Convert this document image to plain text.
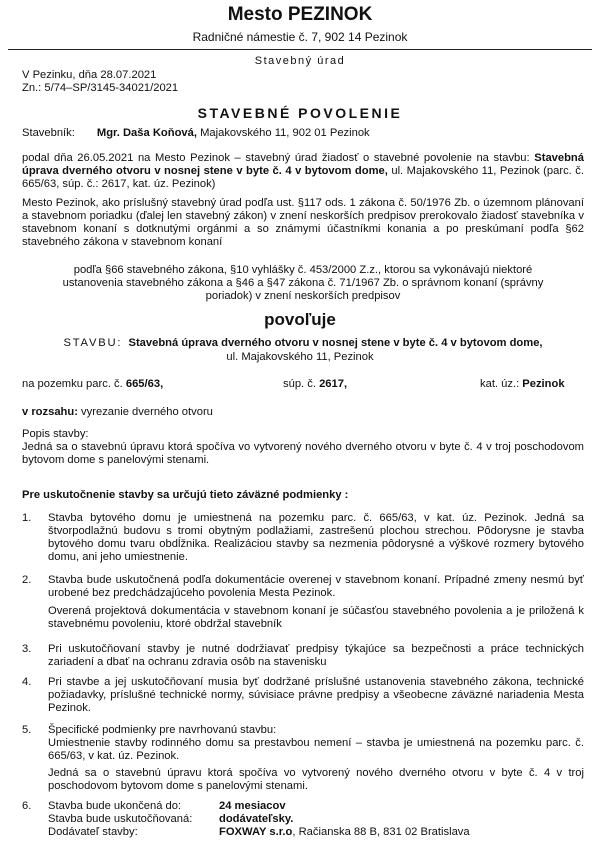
Mesto PEZINOK
Radničné námestie č. 7, 902 14 Pezinok
Stavebný úrad
V Pezinku, dňa 28.07.2021
Zn.: 5/74–SP/3145-34021/2021
STAVEBNÉ POVOLENIE
Stavebník: Mgr. Daša Koňová, Majakovského 11, 902 01 Pezinok
podal dňa 26.05.2021 na Mesto Pezinok – stavebný úrad žiadosť o stavebné povolenie na stavbu: Stavebná úprava dverného otvoru v nosnej stene v byte č. 4 v bytovom dome, ul. Majakovského 11, Pezinok (parc. č. 665/63, súp. č.: 2617, kat. úz. Pezinok)
Mesto Pezinok, ako príslušný stavebný úrad podľa ust. §117 ods. 1 zákona č. 50/1976 Zb. o územnom plánovaní a stavebnom poriadku (ďalej len stavebný zákon) v znení neskorších predpisov prerokovalo žiadosť stavebníka v stavebnom konaní s dotknutými orgánmi a so známymi účastníkmi konania a po preskúmaní podľa §62 stavebného zákona v stavebnom konaní
podľa §66 stavebného zákona, §10 vyhlášky č. 453/2000 Z.z., ktorou sa vykonávajú niektoré ustanovenia stavebného zákona a §46 a §47 zákona č. 71/1967 Zb. o správnom konaní (správny poriadok) v znení neskorších predpisov
povoľuje
STAVBU: Stavebná úprava dverného otvoru v nosnej stene v byte č. 4 v bytovom dome,
ul. Majakovského 11, Pezinok
na pozemku parc. č. 665/63,	súp. č. 2617,	kat. úz.: Pezinok
v rozsahu: vyrezanie dverného otvoru
Popis stavby:
Jedná sa o stavebnú úpravu ktorá spočíva vo vytvorený nového dverného otvoru v byte č. 4 v troj poschodovom bytovom dome s panelovými stenami.
Pre uskutočnenie stavby sa určujú tieto záväzné podmienky :
1.	Stavba bytového domu je umiestnená na pozemku parc. č. 665/63, v kat. úz. Pezinok. Jedná sa štvorpodlažnú budovu s tromi obytným podlažiami, zastrešenú plochou strechou. Pôdorysne je stavba bytového domu tvaru obdĺžnika. Realizáciou stavby sa nezmenia pôdorysné a výškové rozmery bytového domu, ani jeho umiestnenie.
2.	Stavba bude uskutočnená podľa dokumentácie overenej v stavebnom konaní. Prípadné zmeny nesmú byť urobené bez predchádzajúceho povolenia Mesta Pezinok.
Overená projektová dokumentácia v stavebnom konaní je súčasťou stavebného povolenia a je priložená k stavebnému povoleniu, ktoré obdržal stavebník
3.	Pri uskutočňovaní stavby je nutné dodržiavať predpisy týkajúce sa bezpečnosti a práce technických zariadení a dbať na ochranu zdravia osôb na stavenisku
4.	Pri stavbe a jej uskutočňovaní musia byť dodržané príslušné ustanovenia stavebného zákona, technické požiadavky, príslušné technické normy, súvisiace právne predpisy a všeobecne záväzné nariadenia Mesta Pezinok.
5.	Špecifické podmienky pre navrhovanú stavbu:
Umiestnenie stavby rodinného domu sa prestavbou nemení – stavba je umiestnená na pozemku parc. č. 665/63, v kat. úz. Pezinok.
Jedná sa o stavebnú úpravu ktorá spočíva vo vytvorený nového dverného otvoru v byte č. 4 v troj poschodovom bytovom dome s panelovými stenami.
6.	Stavba bude ukončená do:	24 mesiacov
Stavba bude uskutočňovaná: dodávateľsky.
Dodávateľ stavby:	FOXWAY s.r.o, Račianska 88 B, 831 02 Bratislava
